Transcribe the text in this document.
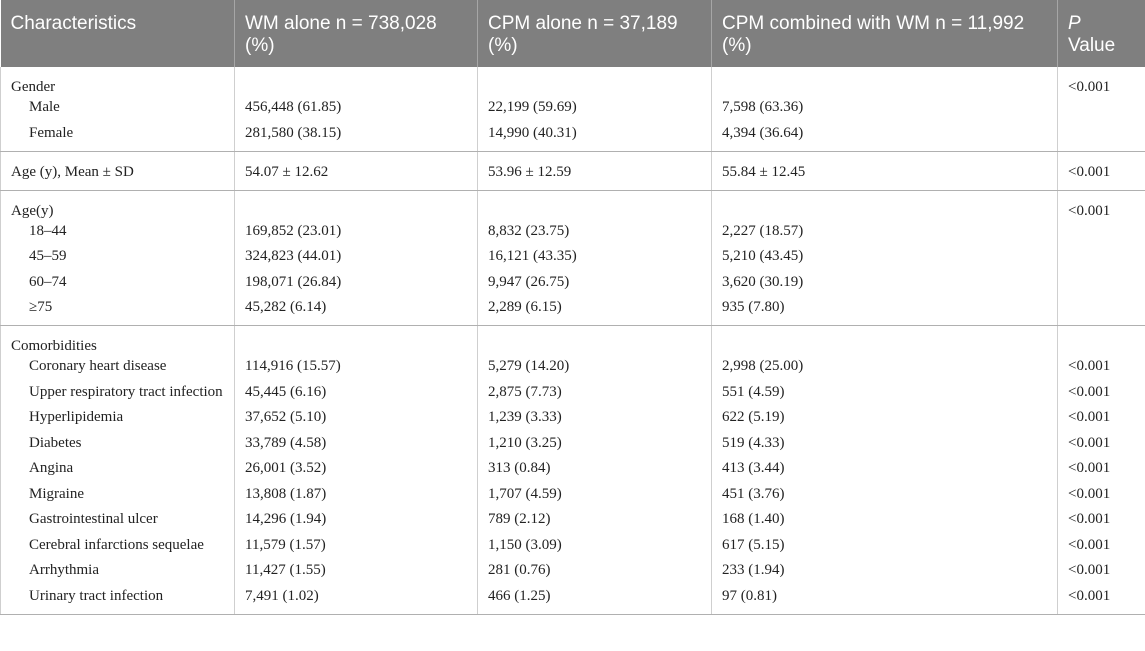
Characteristics	WM alone n = 738,028 (%)	CPM alone n = 37,189 (%)	CPM combined with WM n = 11,992 (%)	P
Value
Gender				<0.001
Male	456,448 (61.85)	22,199 (59.69)	7,598 (63.36)	
Female	281,580 (38.15)	14,990 (40.31)	4,394 (36.64)	
Age (y), Mean ± SD	54.07 ± 12.62	53.96 ± 12.59	55.84 ± 12.45	<0.001
Age(y)				<0.001
18–44	169,852 (23.01)	8,832 (23.75)	2,227 (18.57)	
45–59	324,823 (44.01)	16,121 (43.35)	5,210 (43.45)	
60–74	198,071 (26.84)	9,947 (26.75)	3,620 (30.19)	
≥75	45,282 (6.14)	2,289 (6.15)	935 (7.80)	
Comorbidities				
Coronary heart disease	114,916 (15.57)	5,279 (14.20)	2,998 (25.00)	<0.001
Upper respiratory tract infection	45,445 (6.16)	2,875 (7.73)	551 (4.59)	<0.001
Hyperlipidemia	37,652 (5.10)	1,239 (3.33)	622 (5.19)	<0.001
Diabetes	33,789 (4.58)	1,210 (3.25)	519 (4.33)	<0.001
Angina	26,001 (3.52)	313 (0.84)	413 (3.44)	<0.001
Migraine	13,808 (1.87)	1,707 (4.59)	451 (3.76)	<0.001
Gastrointestinal ulcer	14,296 (1.94)	789 (2.12)	168 (1.40)	<0.001
Cerebral infarctions sequelae	11,579 (1.57)	1,150 (3.09)	617 (5.15)	<0.001
Arrhythmia	11,427 (1.55)	281 (0.76)	233 (1.94)	<0.001
Urinary tract infection	7,491 (1.02)	466 (1.25)	97 (0.81)	<0.001
